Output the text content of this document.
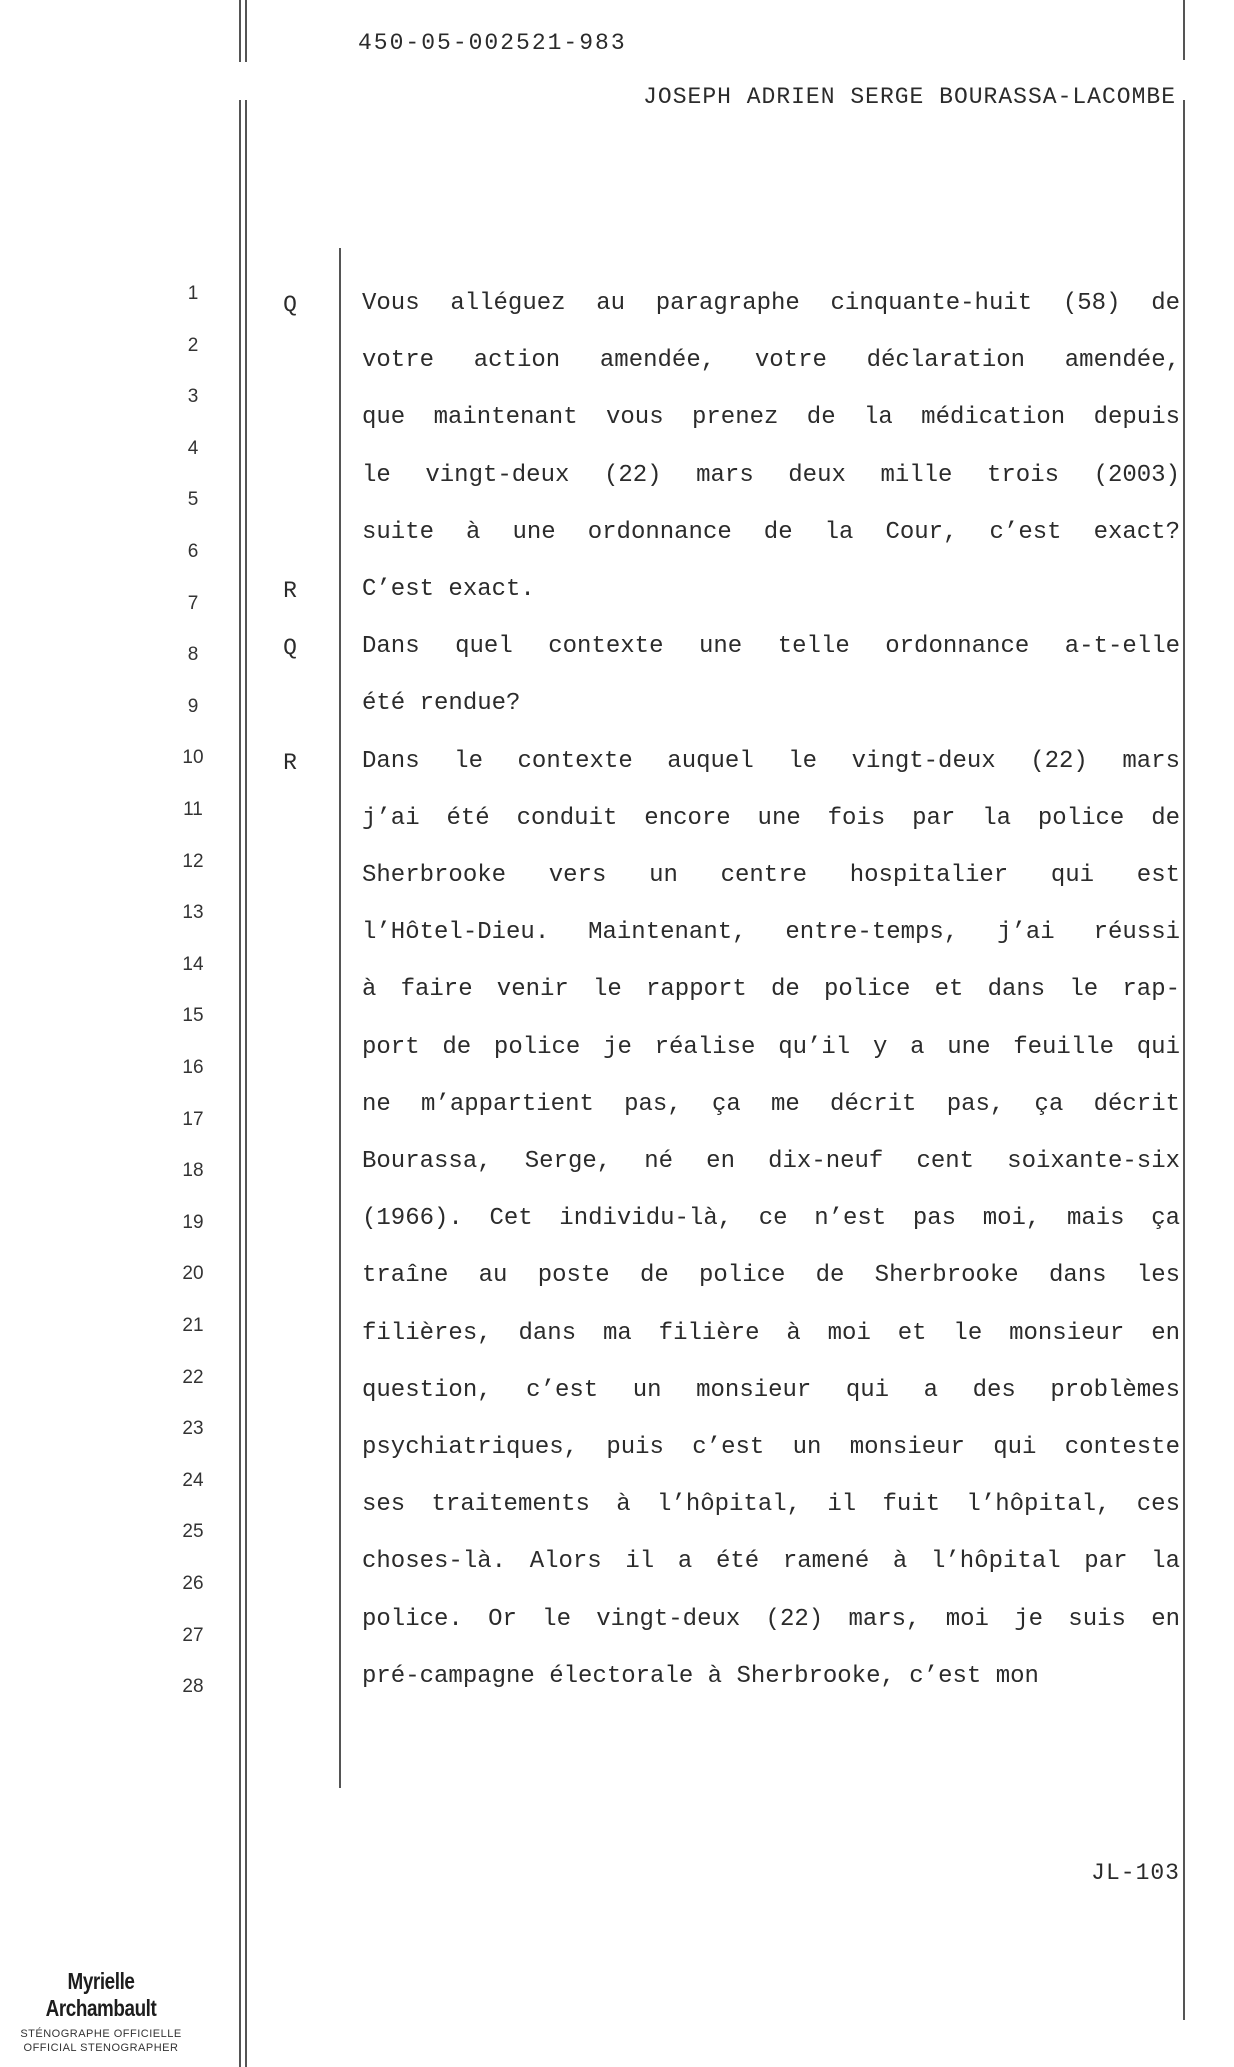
450-05-002521-983
JOSEPH ADRIEN SERGE BOURASSA-LACOMBE
1
2
3
4
5
6
7
8
9
10
11
12
13
14
15
16
17
18
19
20
21
22
23
24
25
26
27
28
Q
R
Q
R
Vous alléguez au paragraphe cinquante-huit (58) de
votre action amendée, votre déclaration amendée,
que maintenant vous prenez de la médication depuis
le vingt-deux (22) mars deux mille trois (2003)
suite à une ordonnance de la Cour, c’est exact?
C’est exact.
Dans quel contexte une telle ordonnance a-t-elle
été rendue?
Dans le contexte auquel le vingt-deux (22) mars
j’ai été conduit encore une fois par la police de
Sherbrooke vers un centre hospitalier qui est
l’Hôtel-Dieu. Maintenant, entre-temps, j’ai réussi
à faire venir le rapport de police et dans le rap-
port de police je réalise qu’il y a une feuille qui
ne m’appartient pas, ça me décrit pas, ça décrit
Bourassa, Serge, né en dix-neuf cent soixante-six
(1966). Cet individu-là, ce n’est pas moi, mais ça
traîne au poste de police de Sherbrooke dans les
filières, dans ma filière à moi et le monsieur en
question, c’est un monsieur qui a des problèmes
psychiatriques, puis c’est un monsieur qui conteste
ses traitements à l’hôpital, il fuit l’hôpital, ces
choses-là. Alors il a été ramené à l’hôpital par la
police. Or le vingt-deux (22) mars, moi je suis en
pré-campagne électorale à Sherbrooke, c’est mon
JL-103
Myrielle Archambault
STÉNOGRAPHE OFFICIELLE
OFFICIAL STENOGRAPHER
